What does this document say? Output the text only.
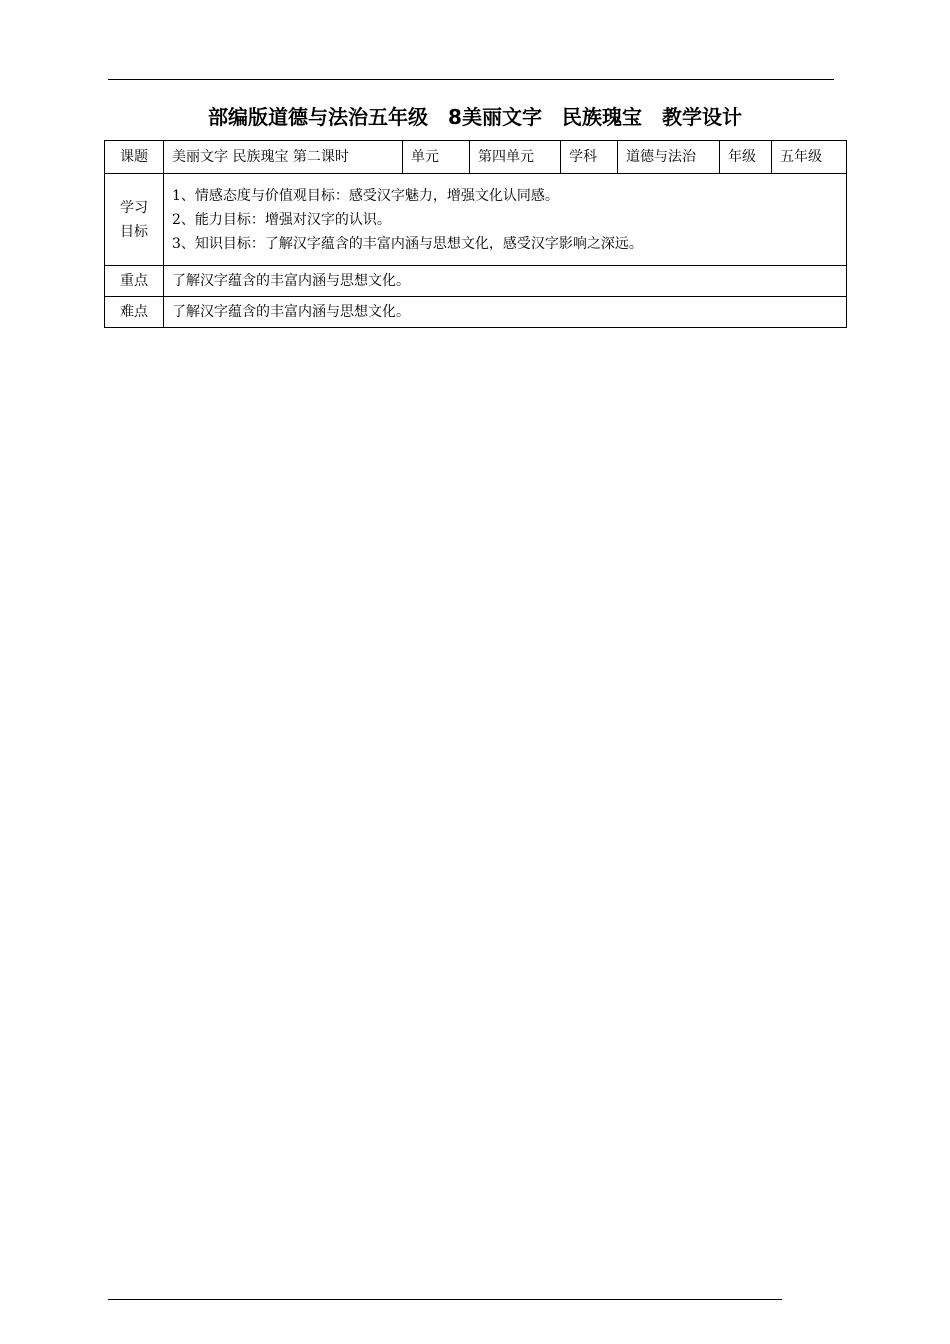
部编版道德与法治五年级　8美丽文字　民族瑰宝　教学设计
课题	美丽文字 民族瑰宝 第二课时	单元	第四单元	学科	道德与法治	年级	五年级

学习
目标	1、情感态度与价值观目标：感受汉字魅力，增强文化认同感。
2、能力目标：增强对汉字的认识。
3、知识目标：了解汉字蕴含的丰富内涵与思想文化，感受汉字影响之深远。						

重点	了解汉字蕴含的丰富内涵与思想文化。						
难点	了解汉字蕴含的丰富内涵与思想文化。						
